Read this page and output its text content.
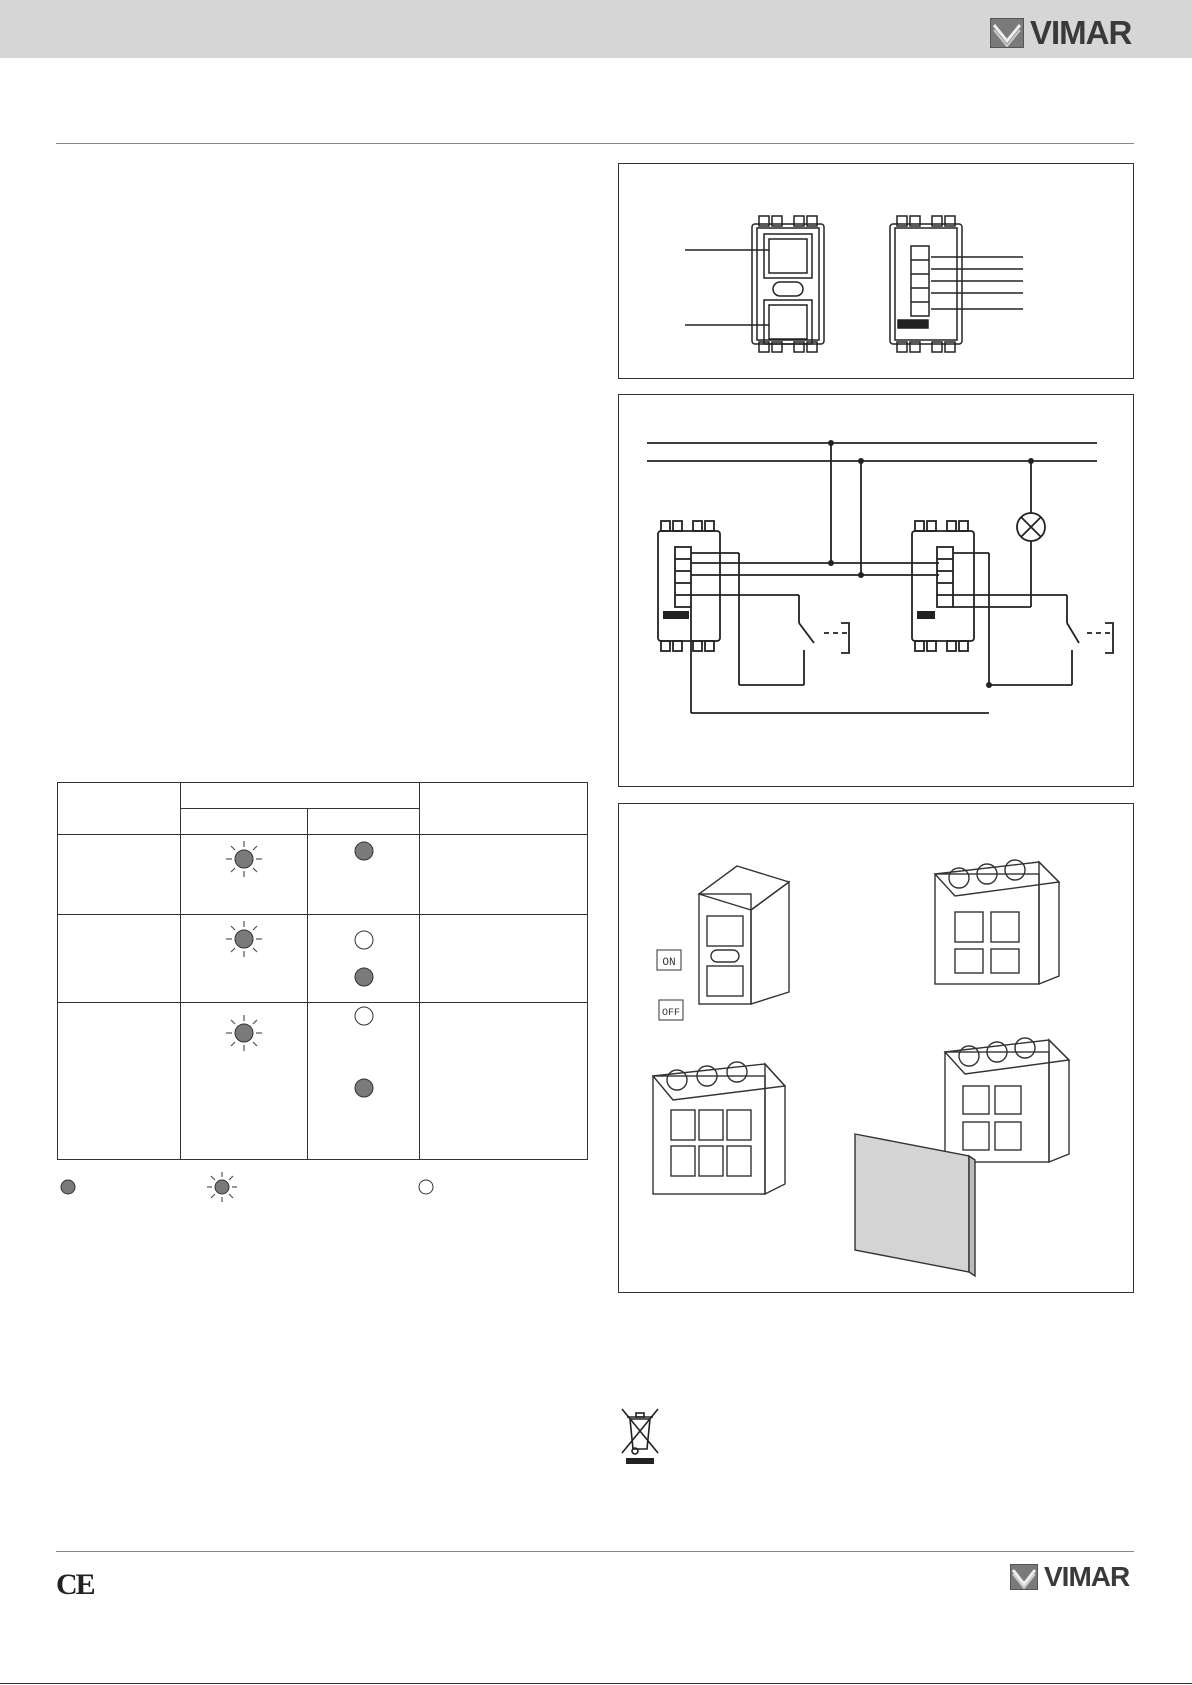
VIMAR
ON
OFF

CE	VIMAR
